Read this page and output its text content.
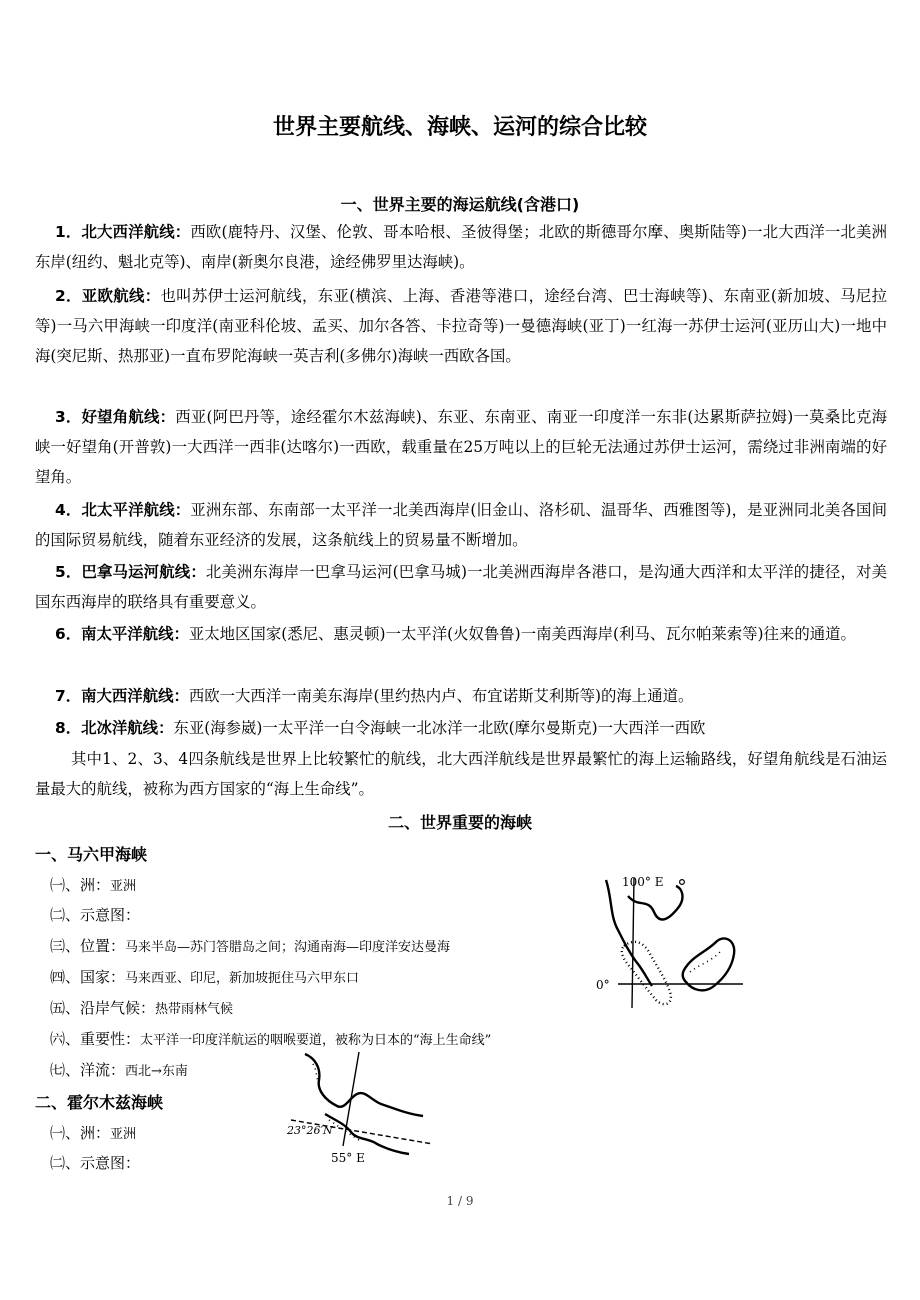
世界主要航线、海峡、运河的综合比较
一、世界主要的海运航线(含港口)
1．北大西洋航线：西欧(鹿特丹、汉堡、伦敦、哥本哈根、圣彼得堡；北欧的斯德哥尔摩、奥斯陆等)一北大西洋一北美洲东岸(纽约、魁北克等)、南岸(新奥尔良港，途经佛罗里达海峡)。
2．亚欧航线：也叫苏伊士运河航线，东亚(横滨、上海、香港等港口，途经台湾、巴士海峡等)、东南亚(新加坡、马尼拉等)一马六甲海峡一印度洋(南亚科伦坡、孟买、加尔各答、卡拉奇等)一曼德海峡(亚丁)一红海一苏伊士运河(亚历山大)一地中海(突尼斯、热那亚)一直布罗陀海峡一英吉利(多佛尔)海峡一西欧各国。
3．好望角航线：西亚(阿巴丹等，途经霍尔木兹海峡)、东亚、东南亚、南亚一印度洋一东非(达累斯萨拉姆)一莫桑比克海峡一好望角(开普敦)一大西洋一西非(达喀尔)一西欧，载重量在25万吨以上的巨轮无法通过苏伊士运河，需绕过非洲南端的好望角。
4．北太平洋航线：亚洲东部、东南部一太平洋一北美西海岸(旧金山、洛杉矶、温哥华、西雅图等)，是亚洲同北美各国间的国际贸易航线，随着东亚经济的发展，这条航线上的贸易量不断增加。
5．巴拿马运河航线：北美洲东海岸一巴拿马运河(巴拿马城)一北美洲西海岸各港口，是沟通大西洋和太平洋的捷径，对美国东西海岸的联络具有重要意义。
6．南太平洋航线：亚太地区国家(悉尼、惠灵顿)一太平洋(火奴鲁鲁)一南美西海岸(利马、瓦尔帕莱索等)往来的通道。
7．南大西洋航线：西欧一大西洋一南美东海岸(里约热内卢、布宜诺斯艾利斯等)的海上通道。
8．北冰洋航线：东亚(海参崴)一太平洋一白令海峡一北冰洋一北欧(摩尔曼斯克)一大西洋一西欧
其中1、2、3、4四条航线是世界上比较繁忙的航线，北大西洋航线是世界最繁忙的海上运输路线，好望角航线是石油运量最大的航线，被称为西方国家的“海上生命线”。
二、世界重要的海峡
一、马六甲海峡
㈠、洲：亚洲
㈡、示意图：
㈢、位置：马来半岛—苏门答腊岛之间；沟通南海—印度洋安达曼海
㈣、国家：马来西亚、印尼，新加坡扼住马六甲东口
㈤、沿岸气候：热带雨林气候
㈥、重要性：太平洋一印度洋航运的咽喉要道，被称为日本的“海上生命线”
㈦、洋流：西北→东南
100° E
0°
二、霍尔木兹海峡
㈠、洲：亚洲
㈡、示意图：
23°26′N
55° E
1 / 9
